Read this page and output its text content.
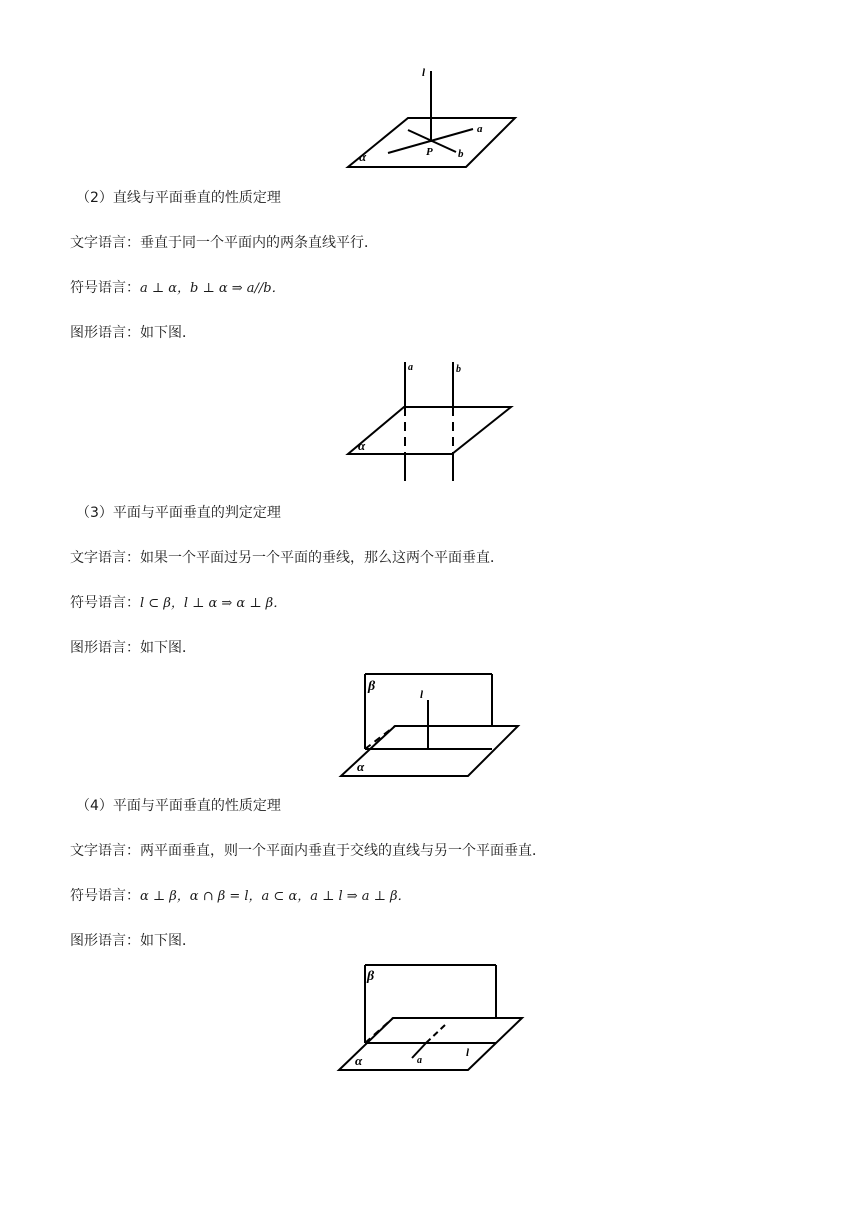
l
a
b
P
α
（2）直线与平面垂直的性质定理
文字语言：垂直于同一个平面内的两条直线平行．
符号语言：a ⊥ α，b ⊥ α ⇒ a//b．
图形语言：如下图．
a	b
α
（3）平面与平面垂直的判定定理
文字语言：如果一个平面过另一个平面的垂线，那么这两个平面垂直．
符号语言：l ⊂ β，l ⊥ α ⇒ α ⊥ β．
图形语言：如下图．
β
l
α
（4）平面与平面垂直的性质定理
文字语言：两平面垂直，则一个平面内垂直于交线的直线与另一个平面垂直．
符号语言：α ⊥ β，α ∩ β = l，a ⊂ α，a ⊥ l ⇒ a ⊥ β．
图形语言：如下图．
β
α	a
l
